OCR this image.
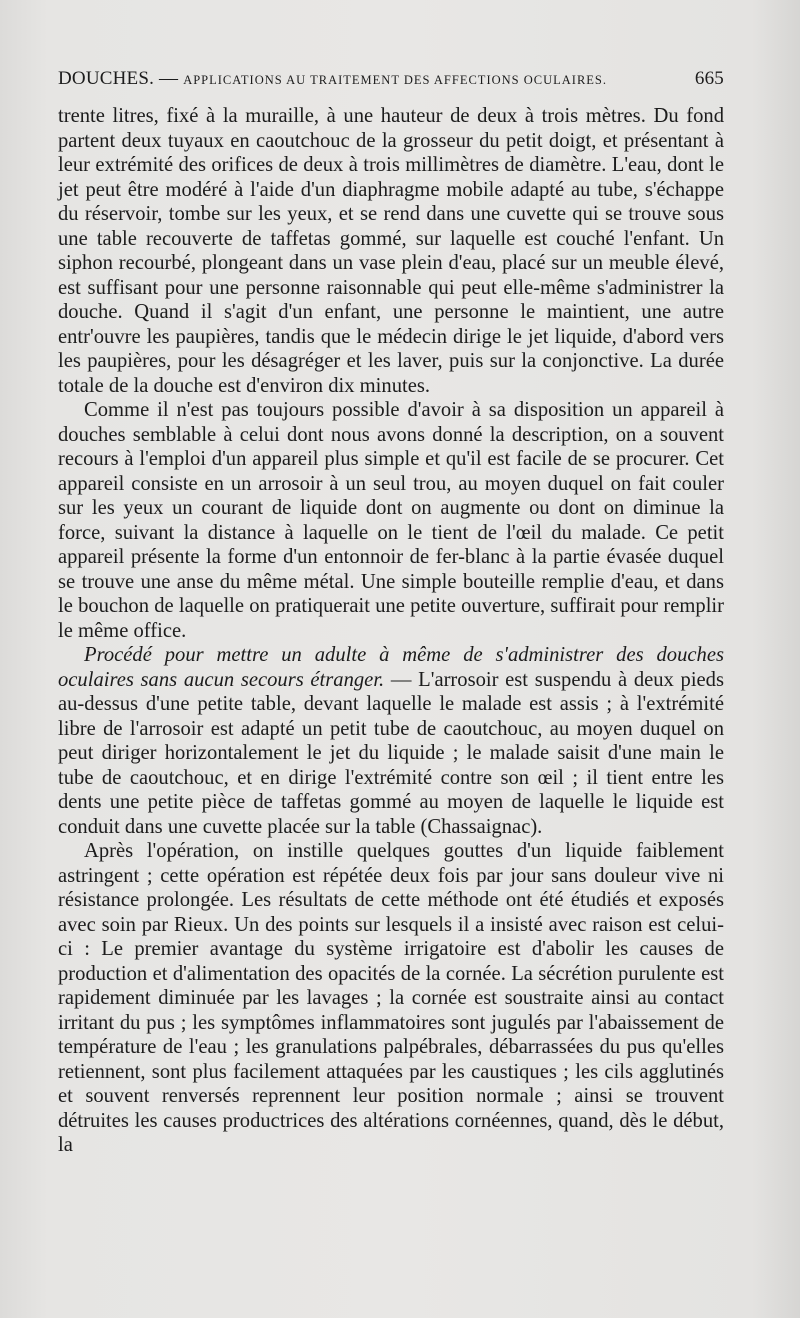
DOUCHES. — APPLICATIONS AU TRAITEMENT DES AFFECTIONS OCULAIRES.	665

trente litres, fixé à la muraille, à une hauteur de deux à trois mètres. Du fond partent deux tuyaux en caoutchouc de la grosseur du petit doigt, et présentant à leur extrémité des orifices de deux à trois millimètres de diamètre. L'eau, dont le jet peut être modéré à l'aide d'un diaphragme mobile adapté au tube, s'échappe du réservoir, tombe sur les yeux, et se rend dans une cuvette qui se trouve sous une table recouverte de taffetas gommé, sur laquelle est couché l'enfant. Un siphon recourbé, plongeant dans un vase plein d'eau, placé sur un meuble élevé, est suffisant pour une personne raisonnable qui peut elle-même s'administrer la douche. Quand il s'agit d'un enfant, une personne le maintient, une autre entr'ouvre les paupières, tandis que le médecin dirige le jet liquide, d'abord vers les paupières, pour les désagréger et les laver, puis sur la conjonctive. La durée totale de la douche est d'environ dix minutes.

Comme il n'est pas toujours possible d'avoir à sa disposition un appareil à douches semblable à celui dont nous avons donné la description, on a souvent recours à l'emploi d'un appareil plus simple et qu'il est facile de se procurer. Cet appareil consiste en un arrosoir à un seul trou, au moyen duquel on fait couler sur les yeux un courant de liquide dont on augmente ou dont on diminue la force, suivant la distance à laquelle on le tient de l'œil du malade. Ce petit appareil présente la forme d'un entonnoir de fer-blanc à la partie évasée duquel se trouve une anse du même métal. Une simple bouteille remplie d'eau, et dans le bouchon de laquelle on pratiquerait une petite ouverture, suffirait pour remplir le même office.

Procédé pour mettre un adulte à même de s'administrer des douches oculaires sans aucun secours étranger. — L'arrosoir est suspendu à deux pieds au-dessus d'une petite table, devant laquelle le malade est assis ; à l'extrémité libre de l'arrosoir est adapté un petit tube de caoutchouc, au moyen duquel on peut diriger horizontalement le jet du liquide ; le malade saisit d'une main le tube de caoutchouc, et en dirige l'extrémité contre son œil ; il tient entre les dents une petite pièce de taffetas gommé au moyen de laquelle le liquide est conduit dans une cuvette placée sur la table (Chassaignac).

Après l'opération, on instille quelques gouttes d'un liquide faiblement astringent ; cette opération est répétée deux fois par jour sans douleur vive ni résistance prolongée. Les résultats de cette méthode ont été étudiés et exposés avec soin par Rieux. Un des points sur lesquels il a insisté avec raison est celui-ci : Le premier avantage du système irrigatoire est d'abolir les causes de production et d'alimentation des opacités de la cornée. La sécrétion purulente est rapidement diminuée par les lavages ; la cornée est soustraite ainsi au contact irritant du pus ; les symptômes inflammatoires sont jugulés par l'abaissement de température de l'eau ; les granulations palpébrales, débarrassées du pus qu'elles retiennent, sont plus facilement attaquées par les caustiques ; les cils agglutinés et souvent renversés reprennent leur position normale ; ainsi se trouvent détruites les causes productrices des altérations cornéennes, quand, dès le début, la
